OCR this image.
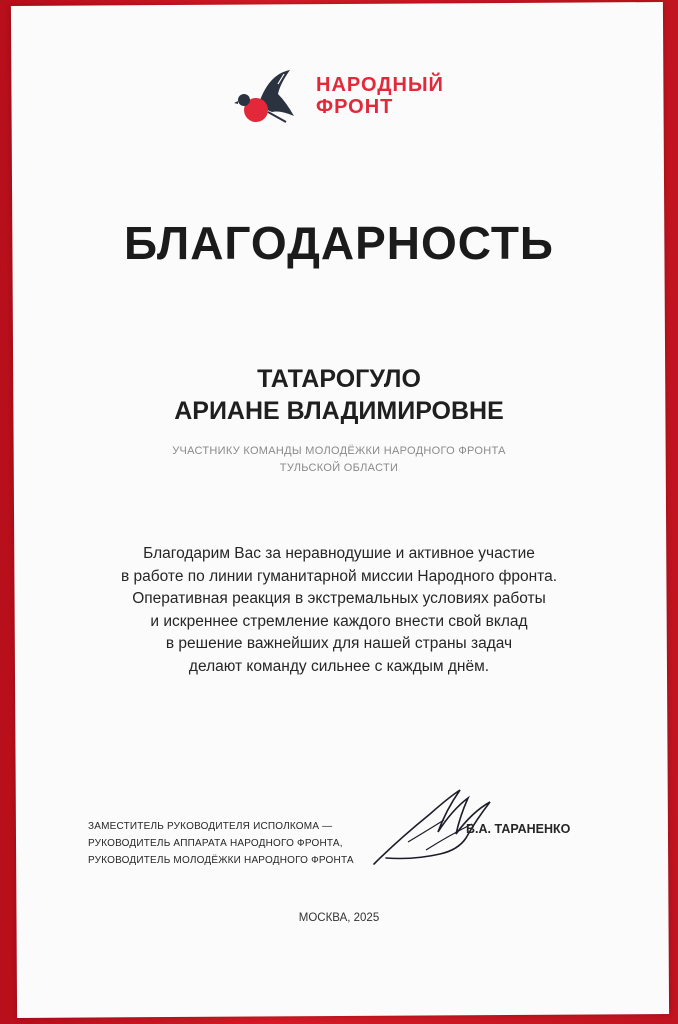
НАРОДНЫЙ
ФРОНТ
БЛАГОДАРНОСТЬ
ТАТАРОГУЛО
АРИАНЕ ВЛАДИМИРОВНЕ
УЧАСТНИКУ КОМАНДЫ МОЛОДЁЖКИ НАРОДНОГО ФРОНТА
ТУЛЬСКОЙ ОБЛАСТИ
Благодарим Вас за неравнодушие и активное участие
в работе по линии гуманитарной миссии Народного фронта.
Оперативная реакция в экстремальных условиях работы
и искреннее стремление каждого внести свой вклад
в решение важнейших для нашей страны задач
делают команду сильнее с каждым днём.
ЗАМЕСТИТЕЛЬ РУКОВОДИТЕЛЯ ИСПОЛКОМА —
РУКОВОДИТЕЛЬ АППАРАТА НАРОДНОГО ФРОНТА,
РУКОВОДИТЕЛЬ МОЛОДЁЖКИ НАРОДНОГО ФРОНТА
В.А. ТАРАНЕНКО
МОСКВА, 2025
